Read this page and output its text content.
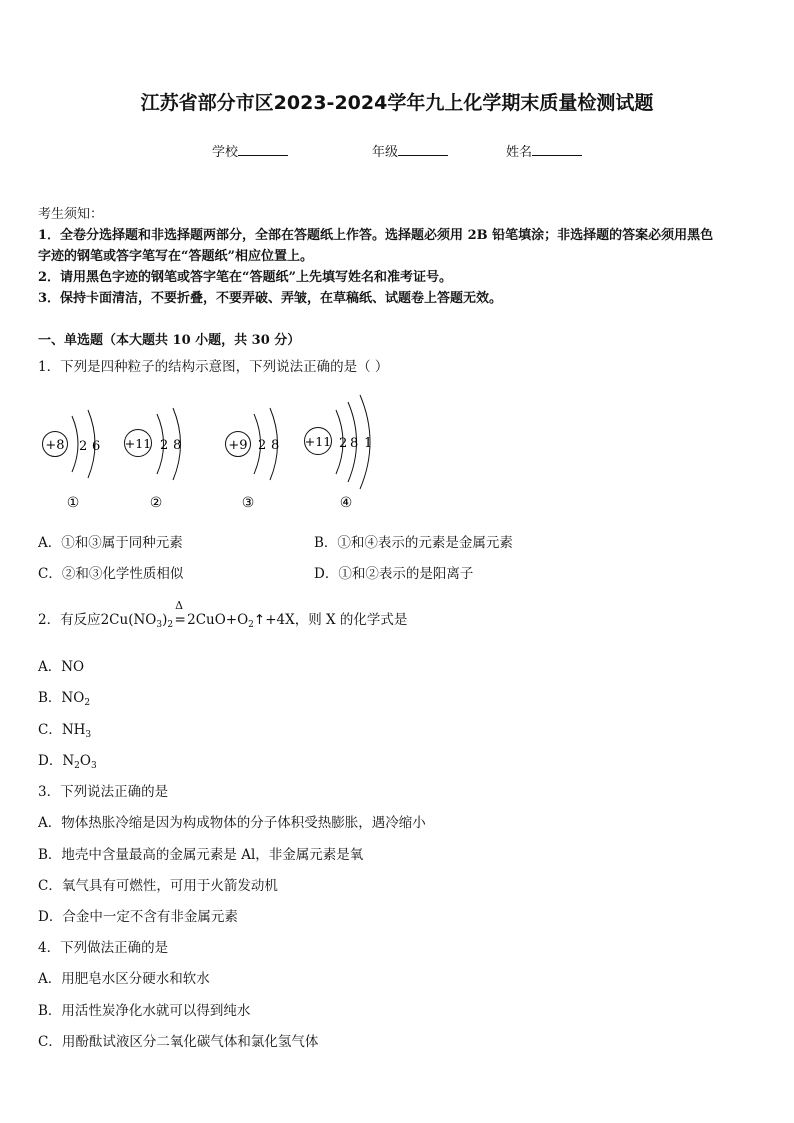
江苏省部分市区2023-2024学年九上化学期末质量检测试题
学校	年级	姓名
考生须知：
1．全卷分选择题和非选择题两部分，全部在答题纸上作答。选择题必须用 2B 铅笔填涂；非选择题的答案必须用黑色
字迹的钢笔或答字笔写在“答题纸”相应位置上。
2．请用黑色字迹的钢笔或答字笔在“答题纸”上先填写姓名和准考证号。
3．保持卡面清洁，不要折叠，不要弄破、弄皱，在草稿纸、试题卷上答题无效。
一、单选题（本大题共 10 小题，共 30 分）
1．下列是四种粒子的结构示意图，下列说法正确的是（ ）
+8 2 6
①
+11 2 8
②
+9 2 8
③
+11 2 8 1
④
A．①和③属于同种元素	B．①和④表示的元素是金属元素
C．②和③化学性质相似	D．①和②表示的是阳离子
2．有反应$2Cu(NO_3)_2$
Δ
$=2CuO+O_2↑+4X$，则 X 的化学式是
A．NO
B．$NO_2$
C．$NH_3$
D．$N_2O_3$
3．下列说法正确的是
A．物体热胀冷缩是因为构成物体的分子体积受热膨胀，遇冷缩小
B．地壳中含量最高的金属元素是 Al，非金属元素是氧
C．氧气具有可燃性，可用于火箭发动机
D．合金中一定不含有非金属元素
4．下列做法正确的是
A．用肥皂水区分硬水和软水
B．用活性炭净化水就可以得到纯水
C．用酚酞试液区分二氧化碳气体和氯化氢气体
